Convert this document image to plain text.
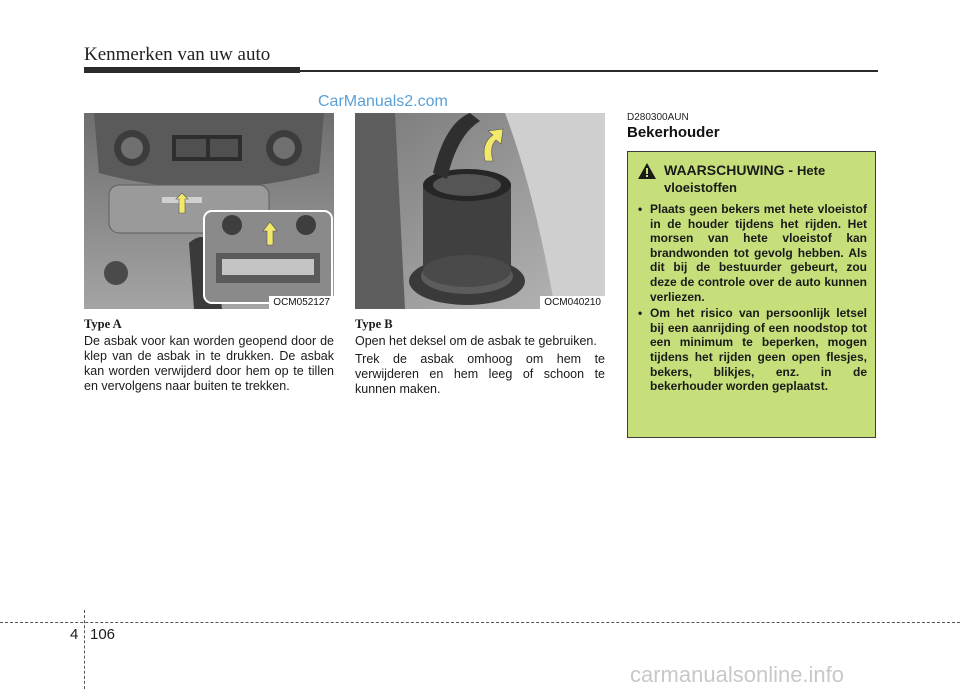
Kenmerken van uw auto
CarManuals2.com
OCM052127	OCM040210
Type A

De asbak voor kan worden geopend door de klep van de asbak in te drukken. De asbak kan worden verwijderd door hem op te tillen en vervolgens naar buiten te trekken.

Type B

Open het deksel om de asbak te gebruiken.

Trek de asbak omhoog om hem te verwijderen en hem leeg of schoon te kunnen maken.

D280300AUN
Bekerhouder
WAARSCHUWING - Hete vloeistoffen
• Plaats geen bekers met hete vloeistof in de houder tijdens het rijden. Het morsen van hete vloeistof kan brandwonden tot gevolg hebben. Als dit bij de bestuurder gebeurt, zou deze de controle over de auto kunnen verliezen.
• Om het risico van persoonlijk letsel bij een aanrijding of een noodstop tot een minimum te beperken, mogen tijdens het rijden geen open flesjes, bekers, blikjes, enz. in de bekerhouder worden geplaatst.
4 106
carmanualsonline.info
